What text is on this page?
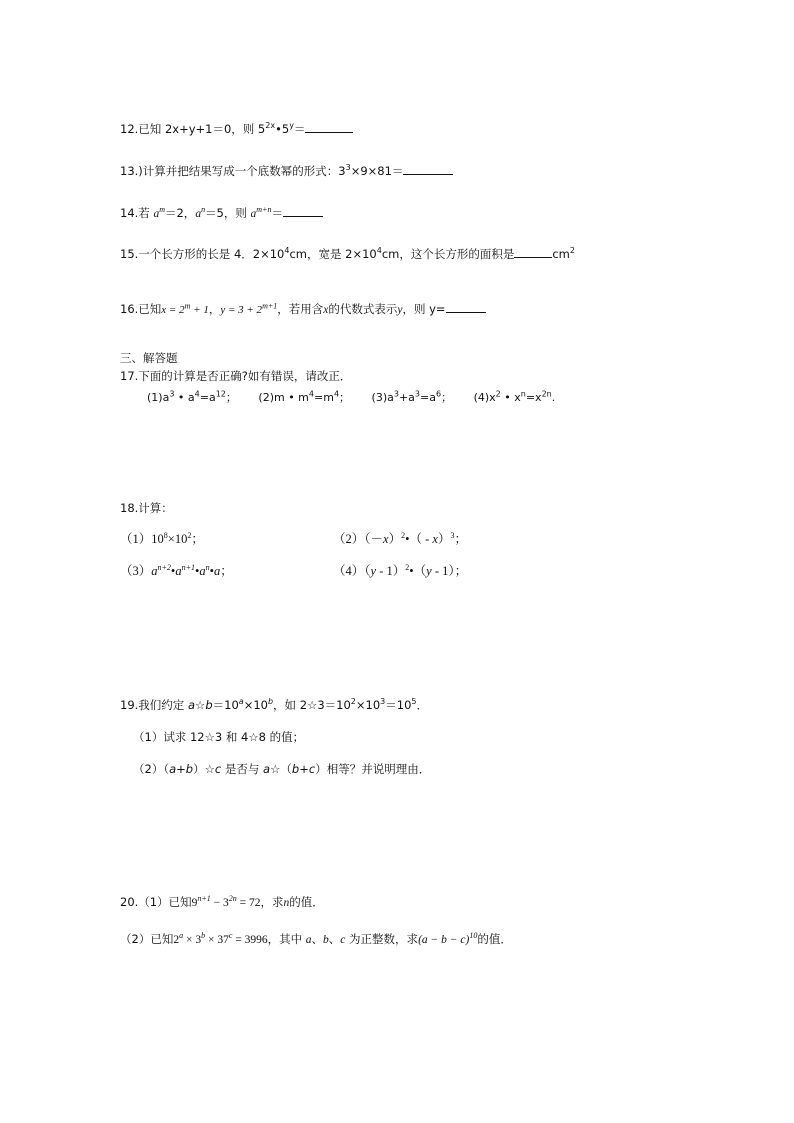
12.已知 2x+y+1＝0，则 $5^{2x}•5^y=$
13.)计算并把结果写成一个底数幂的形式：$3^3\times 9\times 81=$
14.若 $a^m=2$，$a^n=5$，则 $a^{m+n}=$
15.一个长方形的长是 4．$2\times 10^4cm$，宽是 $2\times 10^4cm$，这个长方形的面积是	$cm^2$
16.已知$x = 2^m + 1$，$y = 3 + 2^{m+1}$，若用含x的代数式表示y，则 y=
三、解答题
17.下面的计算是否正确?如有错误，请改正．
$(1)a^3$ • $a^4=a^{12}$； (2)m • $m^4=m^4$； $(3)a^3+a^3=a^6$； $(4)x^2$ • $x^n=x^{2n}$.
18.计算：
$(1)10^8\times 10^2$；	$(2)(-x)^2•( - x)^3$；
$(3)a^{n+2}•a^{n+1}•a^n•a$；	（4）（y - 1）$^2$•（y - 1）；
19.我们约定 $a☆b=10^a\times 10^b$，如 $2☆3=10^2\times 10^3=10^5$．
（1）试求 12☆3 和 4☆8 的值；
（2）（a+b）☆c 是否与 a☆（b+c）相等？并说明理由．
20.（1）已知$9^{n+1} - 3^{2n} = 72$，求n的值．
（2）已知$2^a \times 3^b \times 37^c = 3996$，其中 a、b、c 为正整数，求$(a - b - c)^{10}$的值．
